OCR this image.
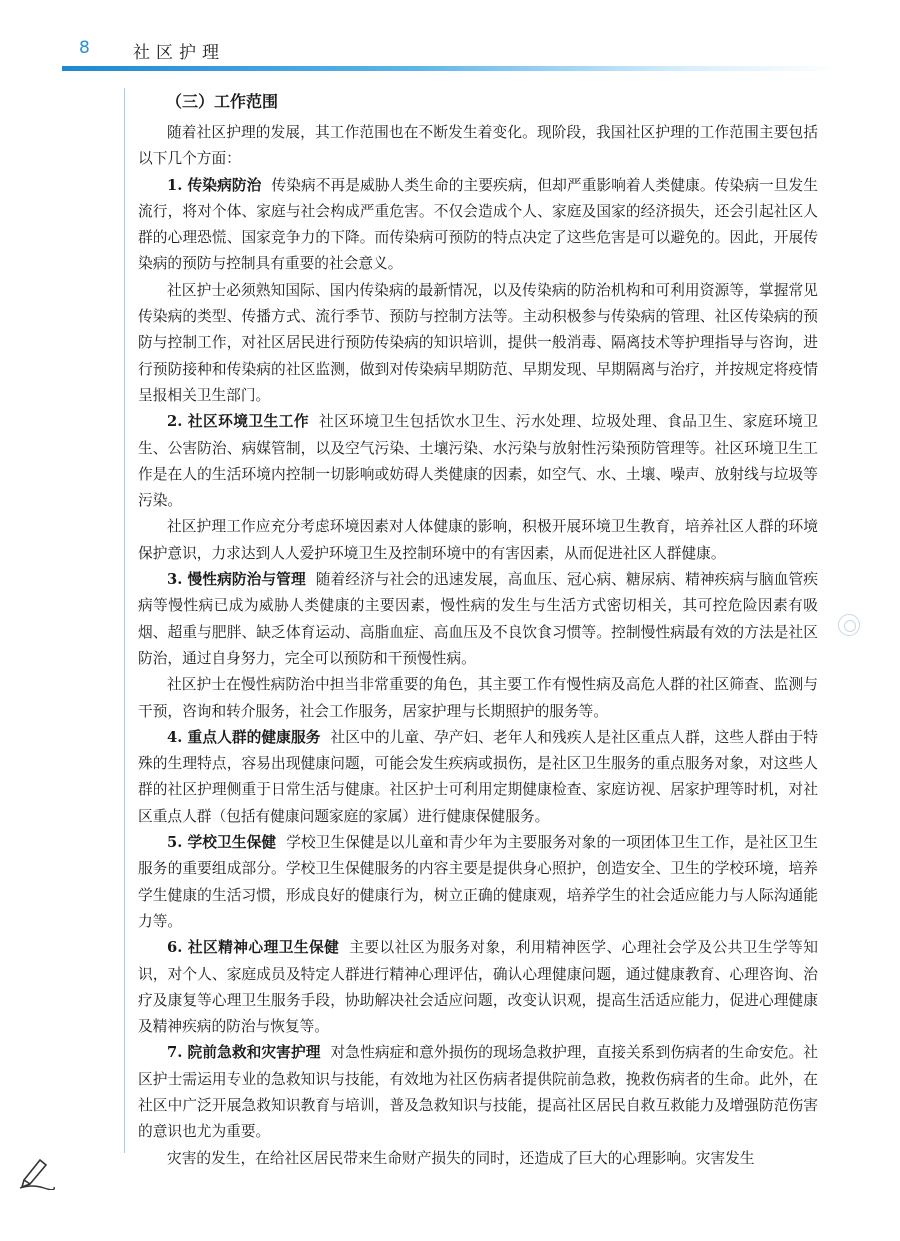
8	社区护理
（三）工作范围

随着社区护理的发展，其工作范围也在不断发生着变化。现阶段，我国社区护理的工作范围主要包括以下几个方面：

1. 传染病防治 传染病不再是威胁人类生命的主要疾病，但却严重影响着人类健康。传染病一旦发生流行，将对个体、家庭与社会构成严重危害。不仅会造成个人、家庭及国家的经济损失，还会引起社区人群的心理恐慌、国家竞争力的下降。而传染病可预防的特点决定了这些危害是可以避免的。因此，开展传染病的预防与控制具有重要的社会意义。

社区护士必须熟知国际、国内传染病的最新情况，以及传染病的防治机构和可利用资源等，掌握常见传染病的类型、传播方式、流行季节、预防与控制方法等。主动积极参与传染病的管理、社区传染病的预防与控制工作，对社区居民进行预防传染病的知识培训，提供一般消毒、隔离技术等护理指导与咨询，进行预防接种和传染病的社区监测，做到对传染病早期防范、早期发现、早期隔离与治疗，并按规定将疫情呈报相关卫生部门。

2. 社区环境卫生工作 社区环境卫生包括饮水卫生、污水处理、垃圾处理、食品卫生、家庭环境卫生、公害防治、病媒管制，以及空气污染、土壤污染、水污染与放射性污染预防管理等。社区环境卫生工作是在人的生活环境内控制一切影响或妨碍人类健康的因素，如空气、水、土壤、噪声、放射线与垃圾等污染。

社区护理工作应充分考虑环境因素对人体健康的影响，积极开展环境卫生教育，培养社区人群的环境保护意识，力求达到人人爱护环境卫生及控制环境中的有害因素，从而促进社区人群健康。

3. 慢性病防治与管理 随着经济与社会的迅速发展，高血压、冠心病、糖尿病、精神疾病与脑血管疾病等慢性病已成为威胁人类健康的主要因素，慢性病的发生与生活方式密切相关，其可控危险因素有吸烟、超重与肥胖、缺乏体育运动、高脂血症、高血压及不良饮食习惯等。控制慢性病最有效的方法是社区防治，通过自身努力，完全可以预防和干预慢性病。

社区护士在慢性病防治中担当非常重要的角色，其主要工作有慢性病及高危人群的社区筛查、监测与干预，咨询和转介服务，社会工作服务，居家护理与长期照护的服务等。

4. 重点人群的健康服务 社区中的儿童、孕产妇、老年人和残疾人是社区重点人群，这些人群由于特殊的生理特点，容易出现健康问题，可能会发生疾病或损伤，是社区卫生服务的重点服务对象，对这些人群的社区护理侧重于日常生活与健康。社区护士可利用定期健康检查、家庭访视、居家护理等时机，对社区重点人群（包括有健康问题家庭的家属）进行健康保健服务。

5. 学校卫生保健 学校卫生保健是以儿童和青少年为主要服务对象的一项团体卫生工作，是社区卫生服务的重要组成部分。学校卫生保健服务的内容主要是提供身心照护，创造安全、卫生的学校环境，培养学生健康的生活习惯，形成良好的健康行为，树立正确的健康观，培养学生的社会适应能力与人际沟通能力等。

6. 社区精神心理卫生保健 主要以社区为服务对象，利用精神医学、心理社会学及公共卫生学等知识，对个人、家庭成员及特定人群进行精神心理评估，确认心理健康问题，通过健康教育、心理咨询、治疗及康复等心理卫生服务手段，协助解决社会适应问题，改变认识观，提高生活适应能力，促进心理健康及精神疾病的防治与恢复等。

7. 院前急救和灾害护理 对急性病症和意外损伤的现场急救护理，直接关系到伤病者的生命安危。社区护士需运用专业的急救知识与技能，有效地为社区伤病者提供院前急救，挽救伤病者的生命。此外，在社区中广泛开展急救知识教育与培训，普及急救知识与技能，提高社区居民自救互救能力及增强防范伤害的意识也尤为重要。

灾害的发生，在给社区居民带来生命财产损失的同时，还造成了巨大的心理影响。灾害发生
